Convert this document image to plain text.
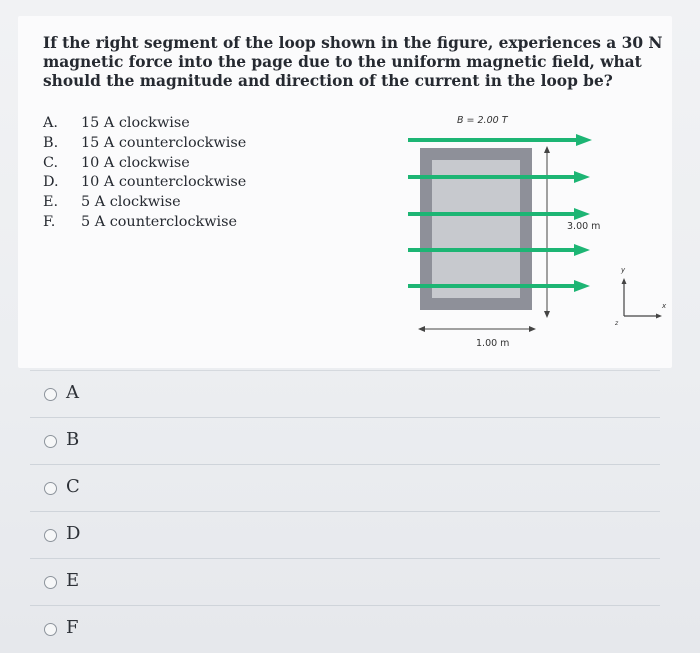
If the right segment of the loop shown in the figure, experiences a 30 N magnetic force into the page due to the uniform magnetic field, what should the magnitude and direction of the current in the loop be?
A.	15 A clockwise
B.	15 A counterclockwise
C.	10 A clockwise
D.	10 A counterclockwise
E.	5 A clockwise
F.	5 A counterclockwise
B = 2.00 T
3.00 m
1.00 m
y
x
z
A
B
C
D
E
F
